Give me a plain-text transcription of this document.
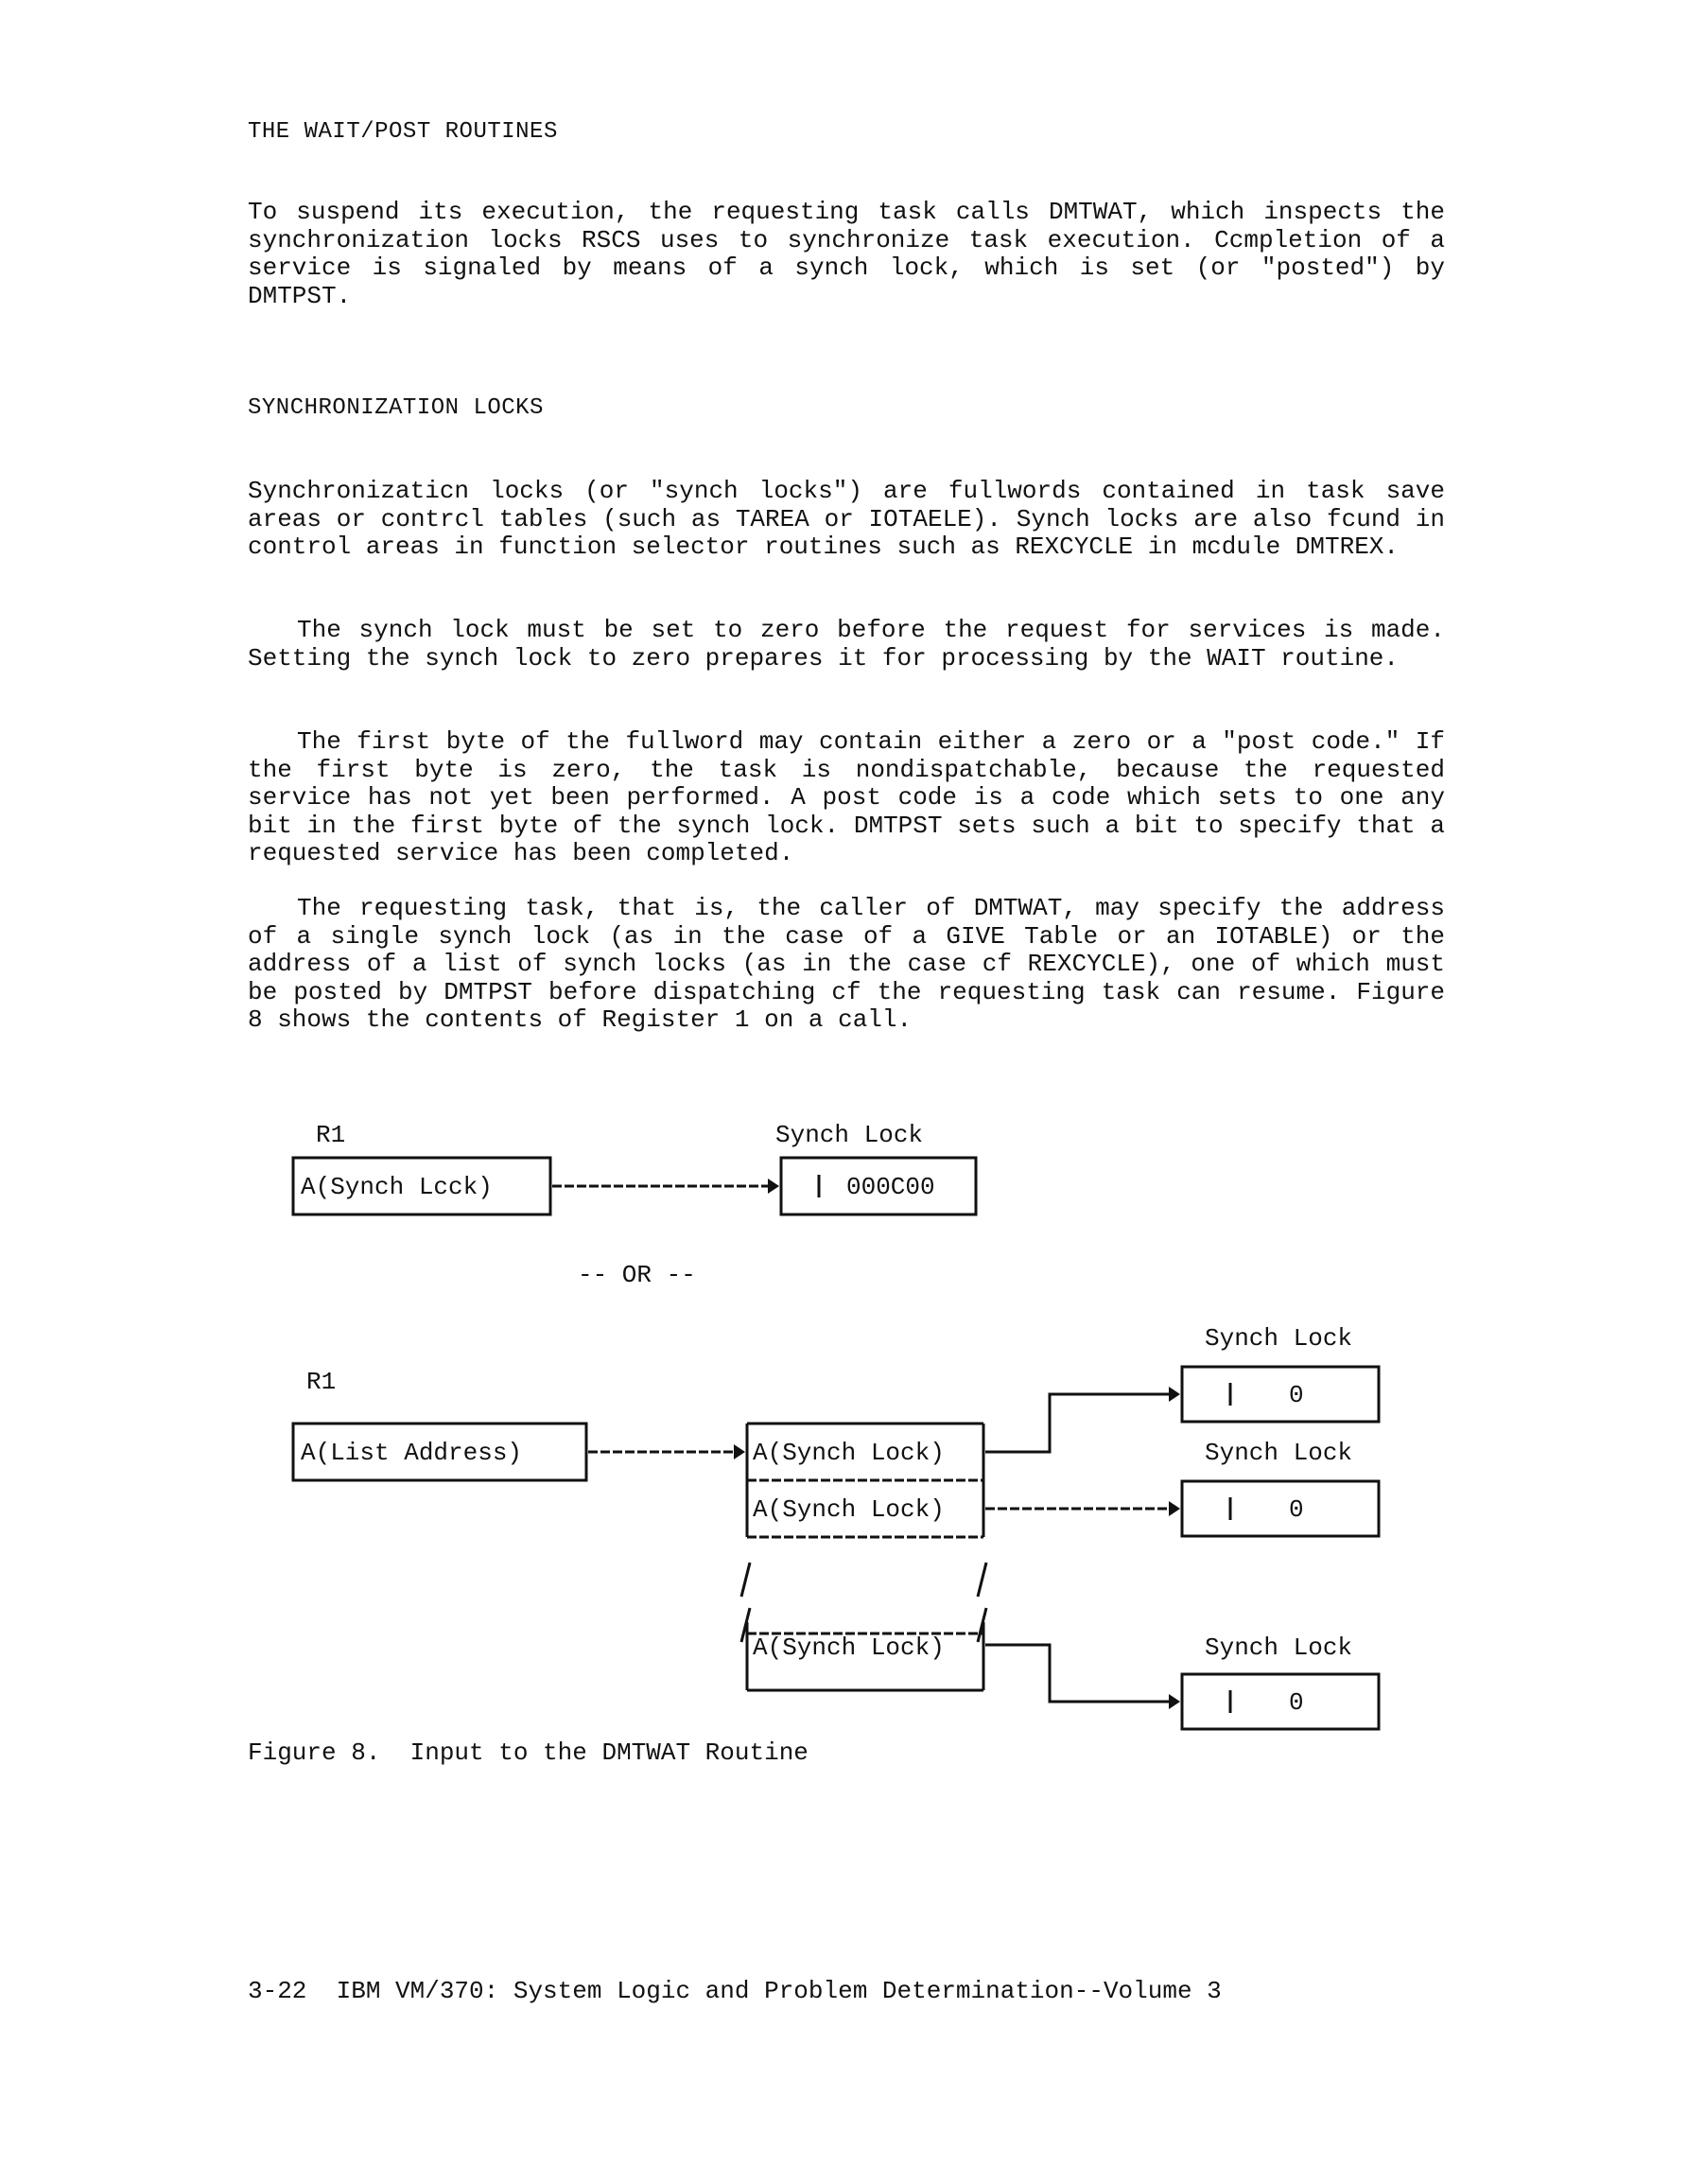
THE WAIT/POST ROUTINES
To suspend its execution, the requesting task calls DMTWAT, which inspects the synchronization locks RSCS uses to synchronize task execution. Ccmpletion of a service is signaled by means of a synch lock, which is set (or "posted") by DMTPST.
SYNCHRONIZATION LOCKS
Synchronizaticn locks (or "synch locks") are fullwords contained in task save areas or contrcl tables (such as TAREA or IOTAELE). Synch locks are also fcund in control areas in function selector routines such as REXCYCLE in mcdule DMTREX.
The synch lock must be set to zero before the request for services is made. Setting the synch lock to zero prepares it for processing by the WAIT routine.
The first byte of the fullword may contain either a zero or a "post code." If the first byte is zero, the task is nondispatchable, because the requested service has not yet been performed. A post code is a code which sets to one any bit in the first byte of the synch lock. DMTPST sets such a bit to specify that a requested service has been completed.
The requesting task, that is, the caller of DMTWAT, may specify the address of a single synch lock (as in the case of a GIVE Table or an IOTABLE) or the address of a list of synch locks (as in the case cf REXCYCLE), one of which must be posted by DMTPST before dispatching cf the requesting task can resume. Figure 8 shows the contents of Register 1 on a call.
R1
A(Synch Lcck)
Synch Lock
000C00
-- OR --
R1
A(List Address)	A(Synch Lock)
A(Synch Lock)
A(Synch Lock)
Synch Lock
0
Synch Lock
0
Synch Lock
0
Figure 8.  Input to the DMTWAT Routine
3-22  IBM VM/370: System Logic and Problem Determination--Volume 3
